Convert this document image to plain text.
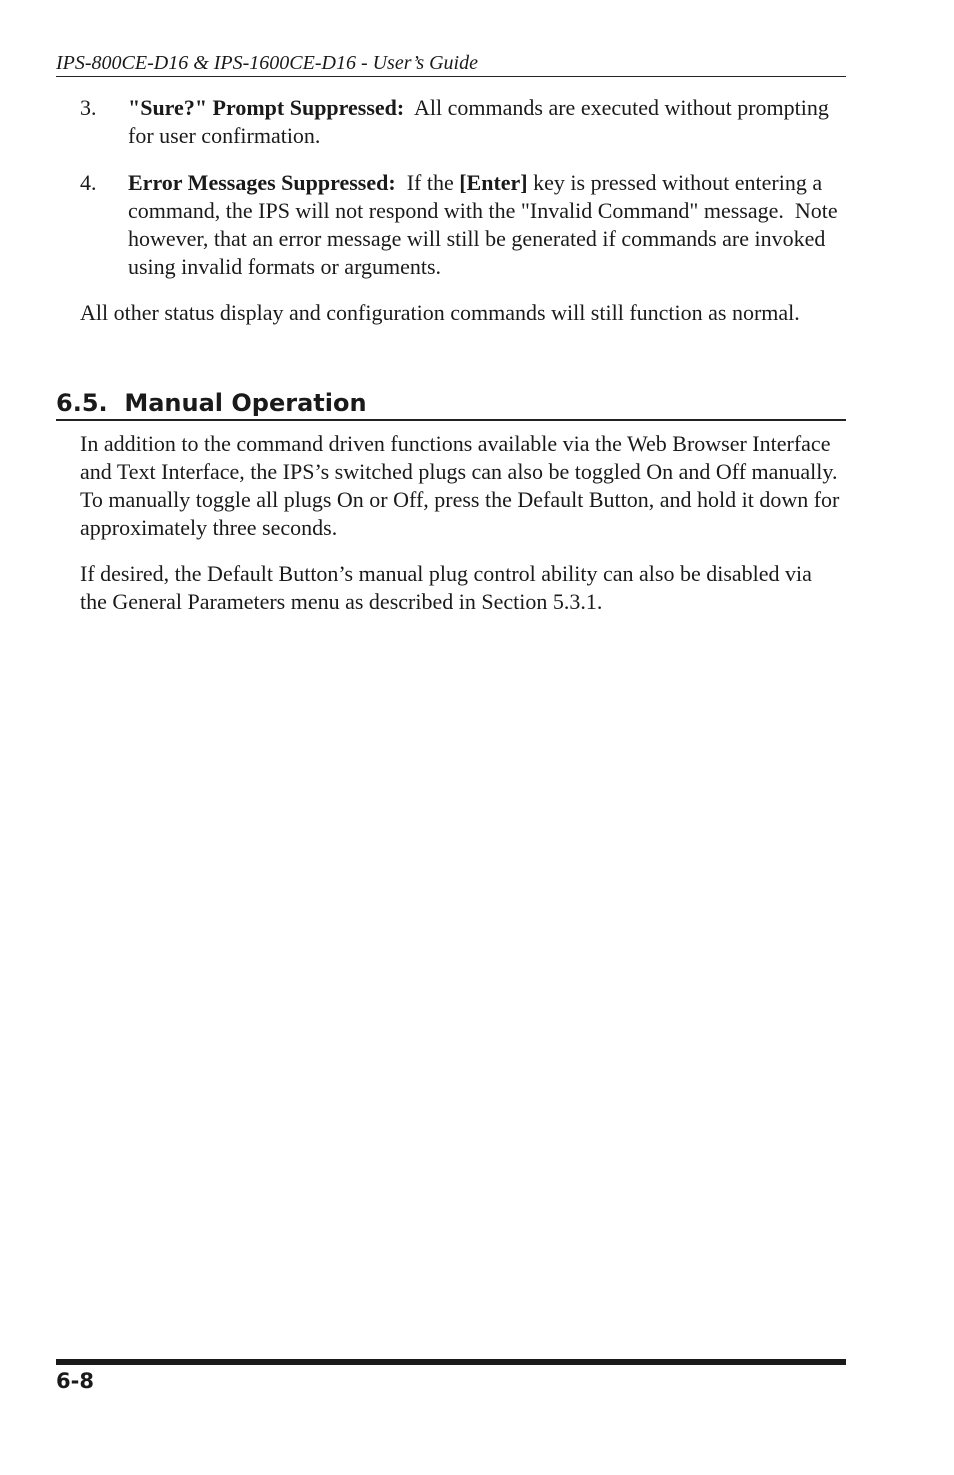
IPS-800CE-D16 & IPS-1600CE-D16 - User’s Guide
3.	"Sure?" Prompt Suppressed:  All commands are executed without prompting for user confirmation.
4.	Error Messages Suppressed:  If the [Enter] key is pressed without entering a command, the IPS will not respond with the "Invalid Command" message.  Note however, that an error message will still be generated if commands are invoked using invalid formats or arguments.

All other status display and configuration commands will still function as normal.

6.5.  Manual Operation

In addition to the command driven functions available via the Web Browser Interface and Text Interface, the IPS’s switched plugs can also be toggled On and Off manually.  To manually toggle all plugs On or Off, press the Default Button, and hold it down for approximately three seconds.

If desired, the Default Button’s manual plug control ability can also be disabled via the General Parameters menu as described in Section 5.3.1.

6-8
